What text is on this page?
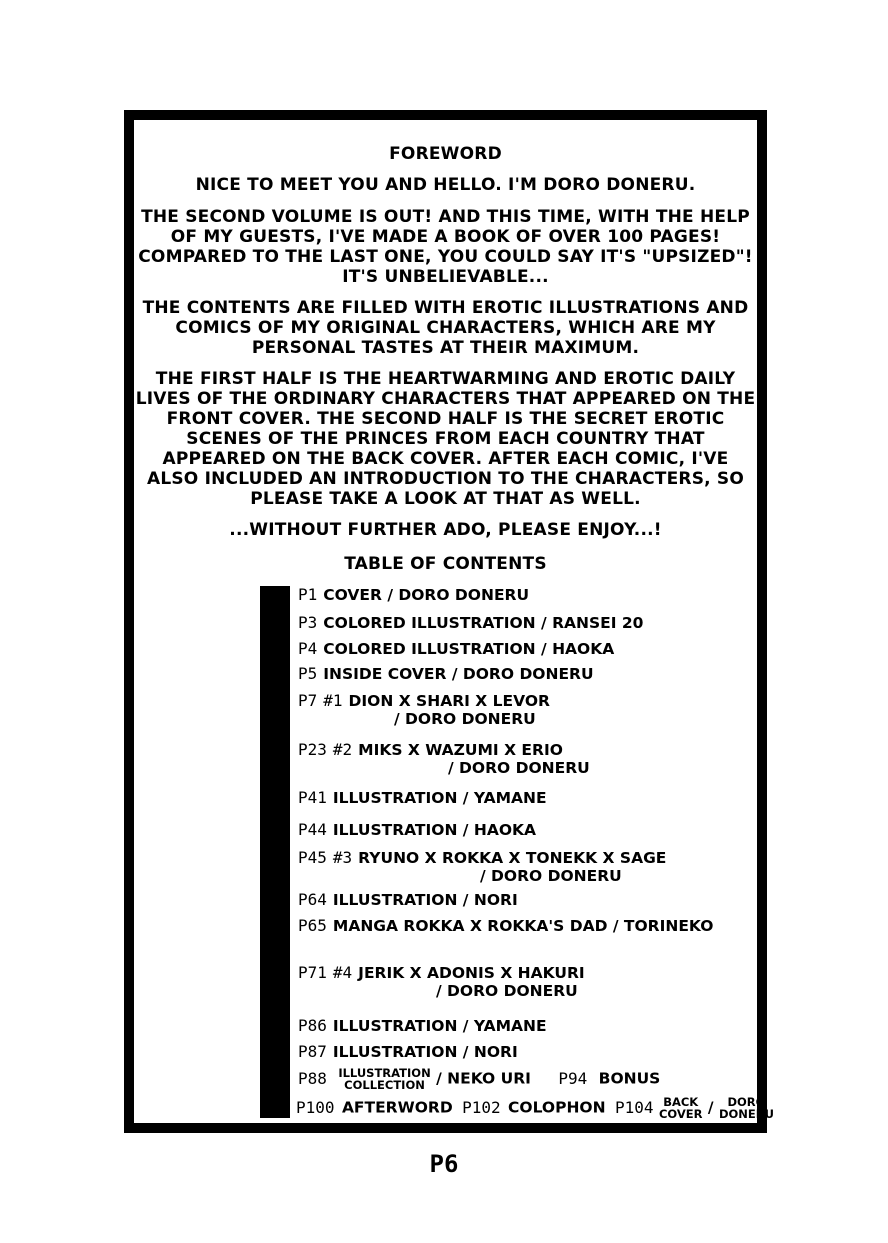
FOREWORD
NICE TO MEET YOU AND HELLO. I'M DORO DONERU.
THE SECOND VOLUME IS OUT! AND THIS TIME, WITH THE HELP
OF MY GUESTS, I'VE MADE A BOOK OF OVER 100 PAGES!
COMPARED TO THE LAST ONE, YOU COULD SAY IT'S "UPSIZED"!
IT'S UNBELIEVABLE...
THE CONTENTS ARE FILLED WITH EROTIC ILLUSTRATIONS AND
COMICS OF MY ORIGINAL CHARACTERS, WHICH ARE MY
PERSONAL TASTES AT THEIR MAXIMUM.
THE FIRST HALF IS THE HEARTWARMING AND EROTIC DAILY
LIVES OF THE ORDINARY CHARACTERS THAT APPEARED ON THE
FRONT COVER. THE SECOND HALF IS THE SECRET EROTIC
SCENES OF THE PRINCES FROM EACH COUNTRY THAT
APPEARED ON THE BACK COVER. AFTER EACH COMIC, I'VE
ALSO INCLUDED AN INTRODUCTION TO THE CHARACTERS, SO
PLEASE TAKE A LOOK AT THAT AS WELL.
...WITHOUT FURTHER ADO, PLEASE ENJOY...!
TABLE OF CONTENTS
P1 COVER / DORO DONERU
P3 COLORED ILLUSTRATION / RANSEI 20
P4 COLORED ILLUSTRATION / HAOKA
P5 INSIDE COVER / DORO DONERU
P7 #1 DION X SHARI X LEVOR
/ DORO DONERU
P23 #2 MIKS X WAZUMI X ERIO
/ DORO DONERU
P41 ILLUSTRATION / YAMANE
P44 ILLUSTRATION / HAOKA
P45 #3 RYUNO X ROKKA X TONEKK X SAGE
/ DORO DONERU
P64 ILLUSTRATION / NORI
P65 MANGA ROKKA X ROKKA'S DAD / TORINEKO
P71 #4 JERIK X ADONIS X HAKURI
/ DORO DONERU
P86 ILLUSTRATION / YAMANE
P87 ILLUSTRATION / NORI
P88 ILLUSTRATION
COLLECTION / NEKO URI P94 BONUS
P100 AFTERWORD P102 COLOPHON P104 BACK
COVER /	DORO
DONERU
P6
